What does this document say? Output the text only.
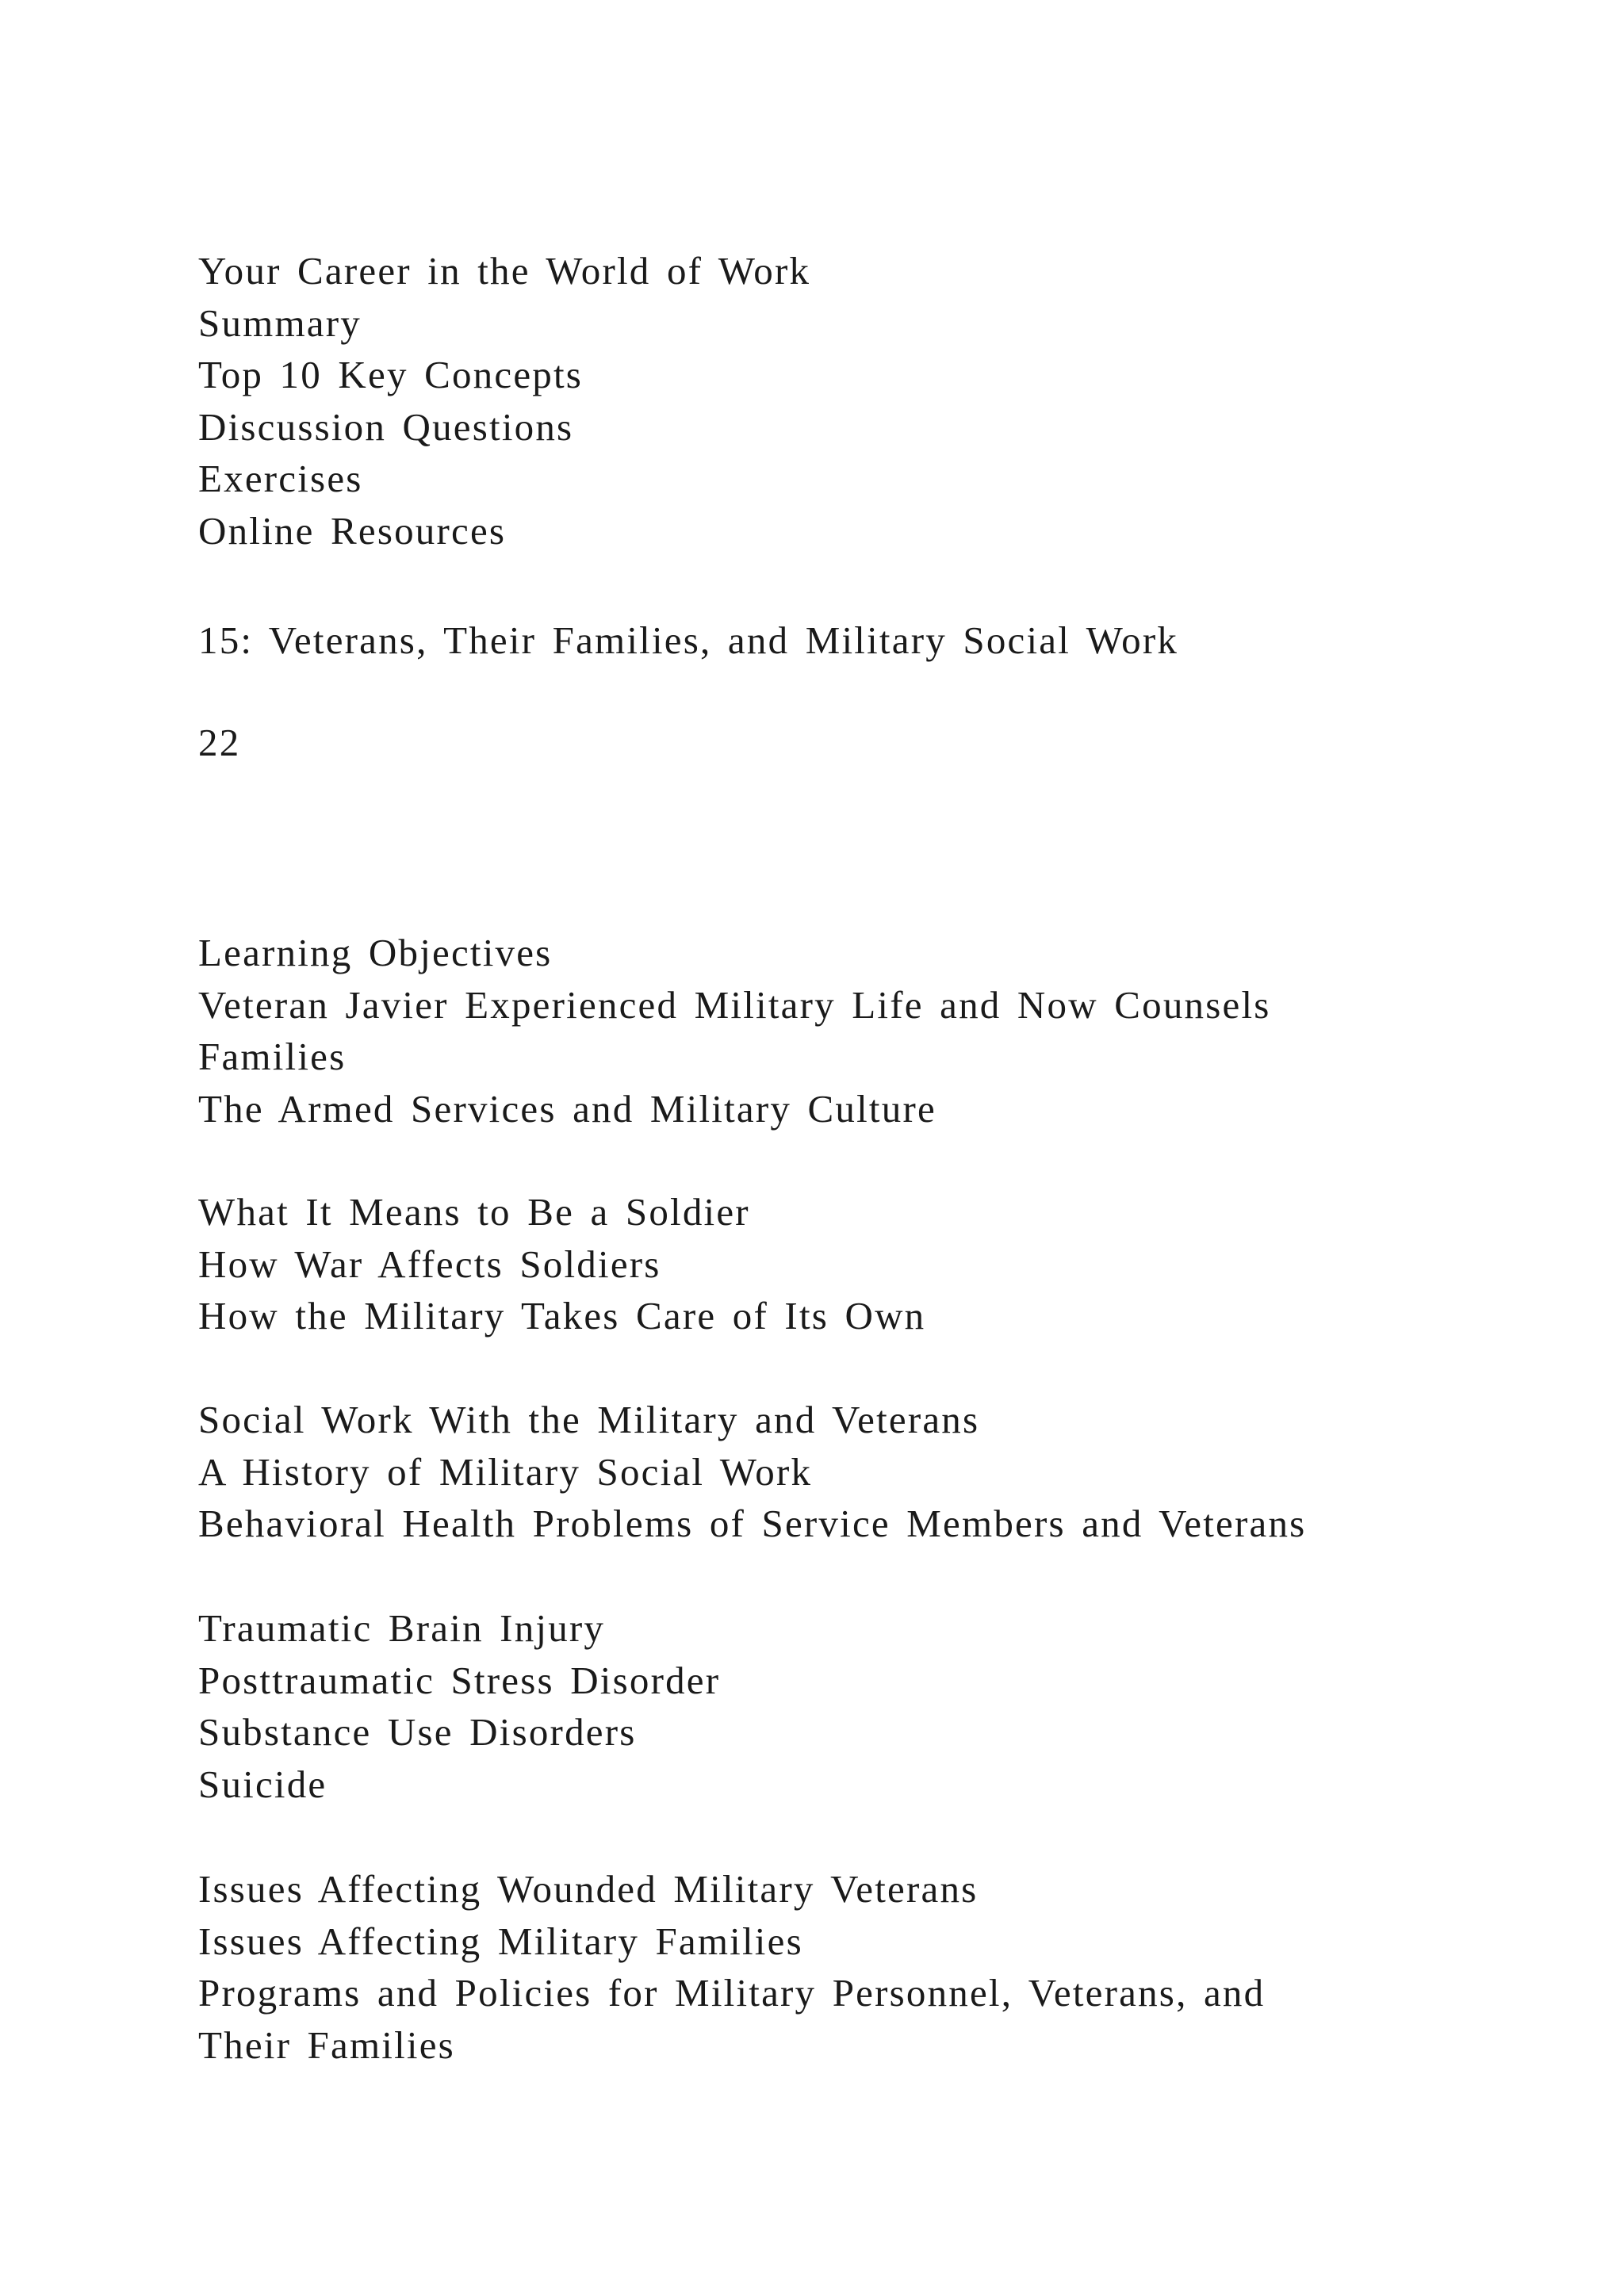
Your Career in the World of Work
Summary
Top 10 Key Concepts
Discussion Questions
Exercises
Online Resources
15: Veterans, Their Families, and Military Social Work
22
Learning Objectives
Veteran Javier Experienced Military Life and Now Counsels
Families
The Armed Services and Military Culture
What It Means to Be a Soldier
How War Affects Soldiers
How the Military Takes Care of Its Own
Social Work With the Military and Veterans
A History of Military Social Work
Behavioral Health Problems of Service Members and Veterans
Traumatic Brain Injury
Posttraumatic Stress Disorder
Substance Use Disorders
Suicide
Issues Affecting Wounded Military Veterans
Issues Affecting Military Families
Programs and Policies for Military Personnel, Veterans, and
Their Families
